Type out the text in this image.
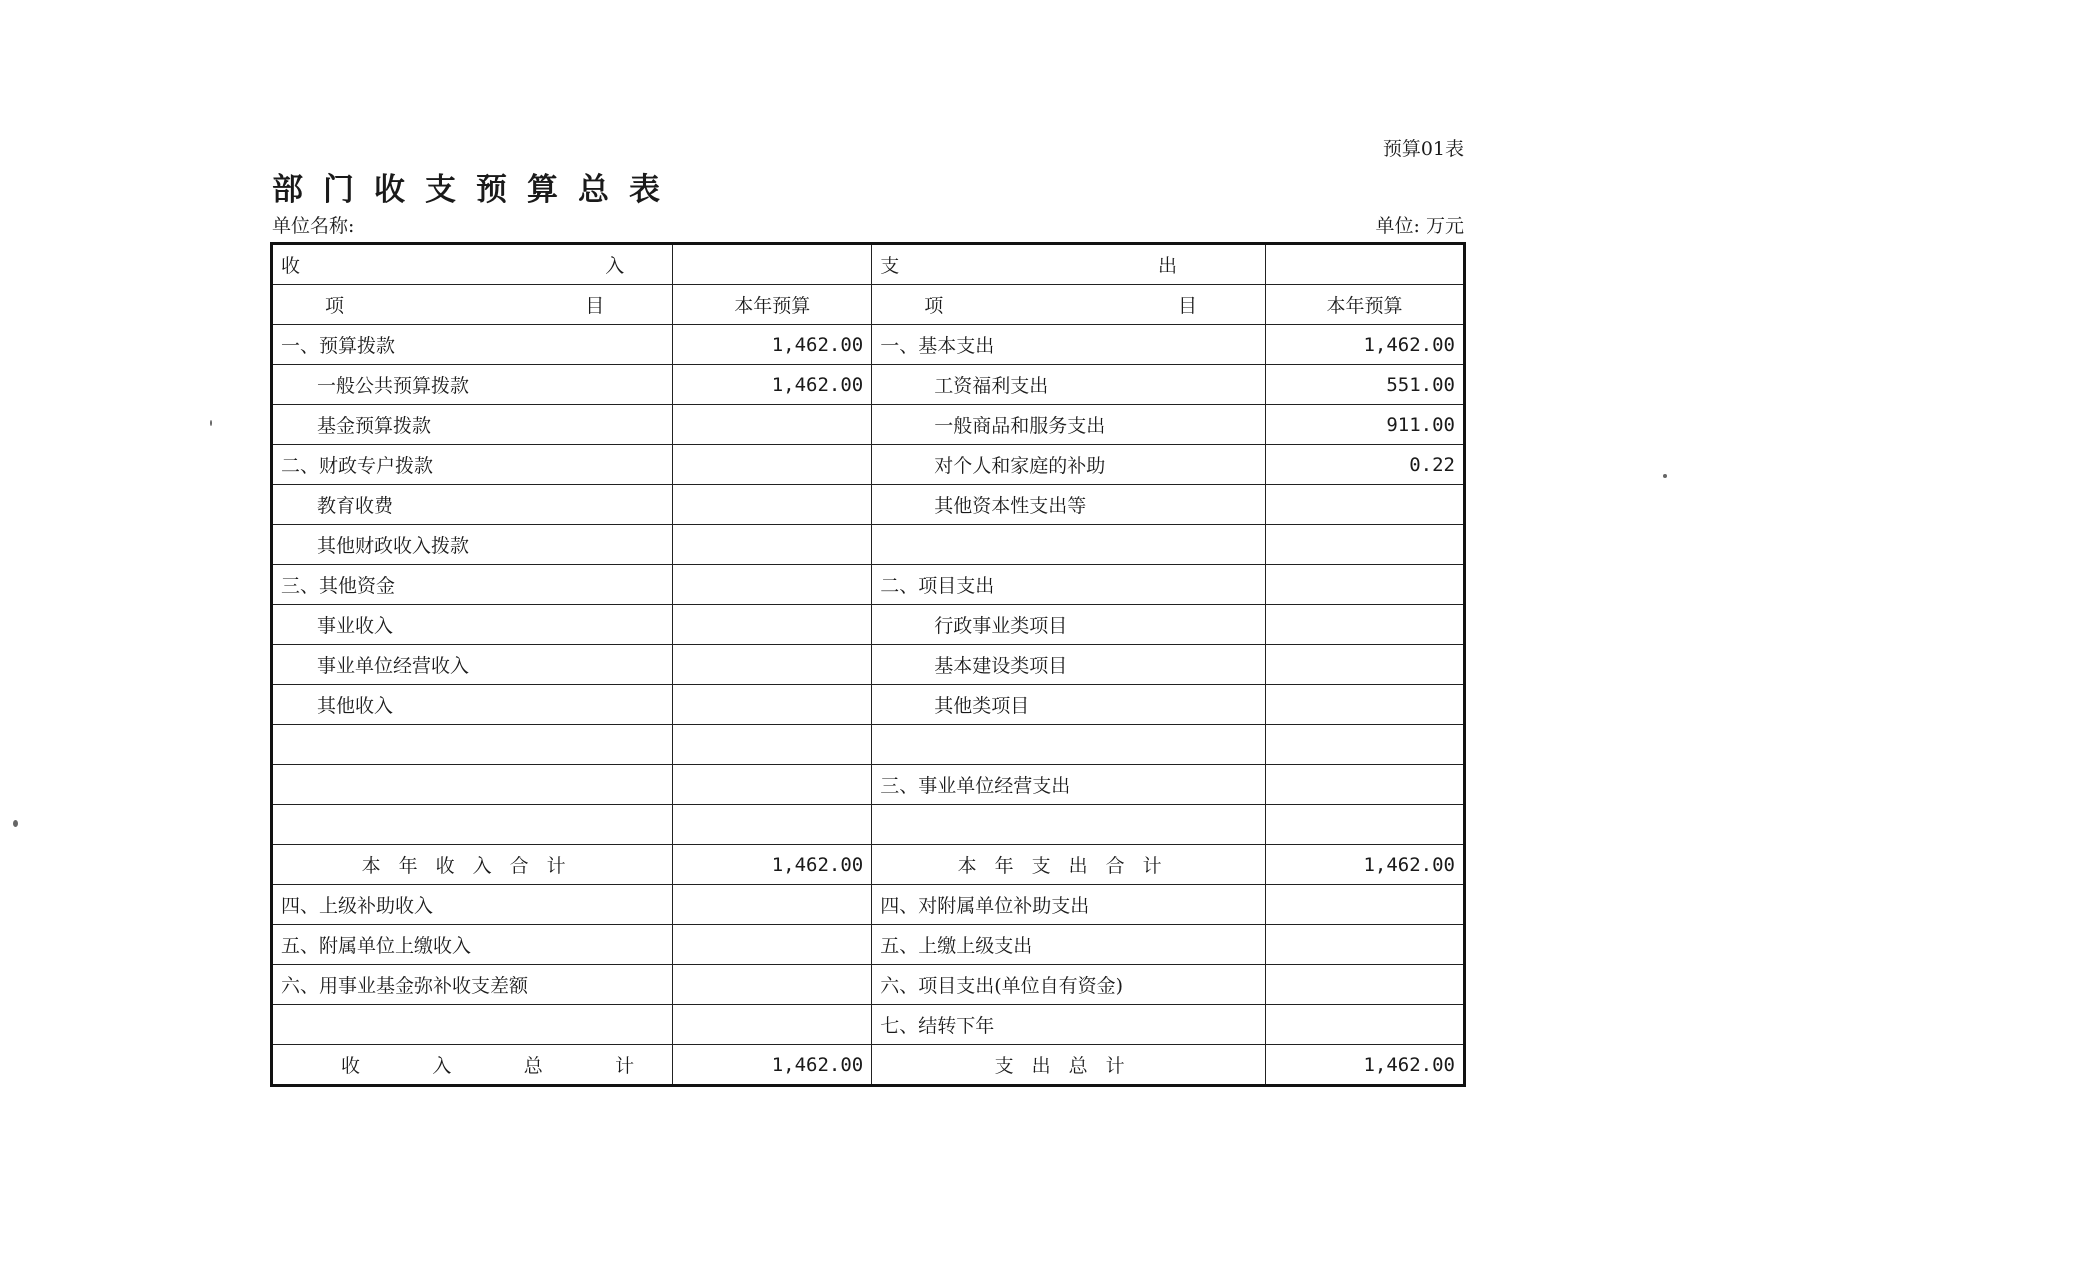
预算01表
部门收支预算总表
单位名称:	单位: 万元
收 入		支 出	

项 目	本年预算	项 目	本年预算
一、预算拨款	1,462.00	一、基本支出	1,462.00
一般公共预算拨款	1,462.00	工资福利支出	551.00
基金预算拨款		一般商品和服务支出	911.00
二、财政专户拨款		对个人和家庭的补助	0.22
教育收费		其他资本性支出等	
其他财政收入拨款			
三、其他资金		二、项目支出	
事业收入		行政事业类项目	
事业单位经营收入		基本建设类项目	
其他收入		其他类项目	

		三、事业单位经营支出	

本年收入合计	1,462.00	本年支出合计	1,462.00
四、上级补助收入		四、对附属单位补助支出	
五、附属单位上缴收入		五、上缴上级支出	
六、用事业基金弥补收支差额		六、项目支出(单位自有资金)	
		七、结转下年	

收 入 总 计	1,462.00	支出总计	1,462.00
